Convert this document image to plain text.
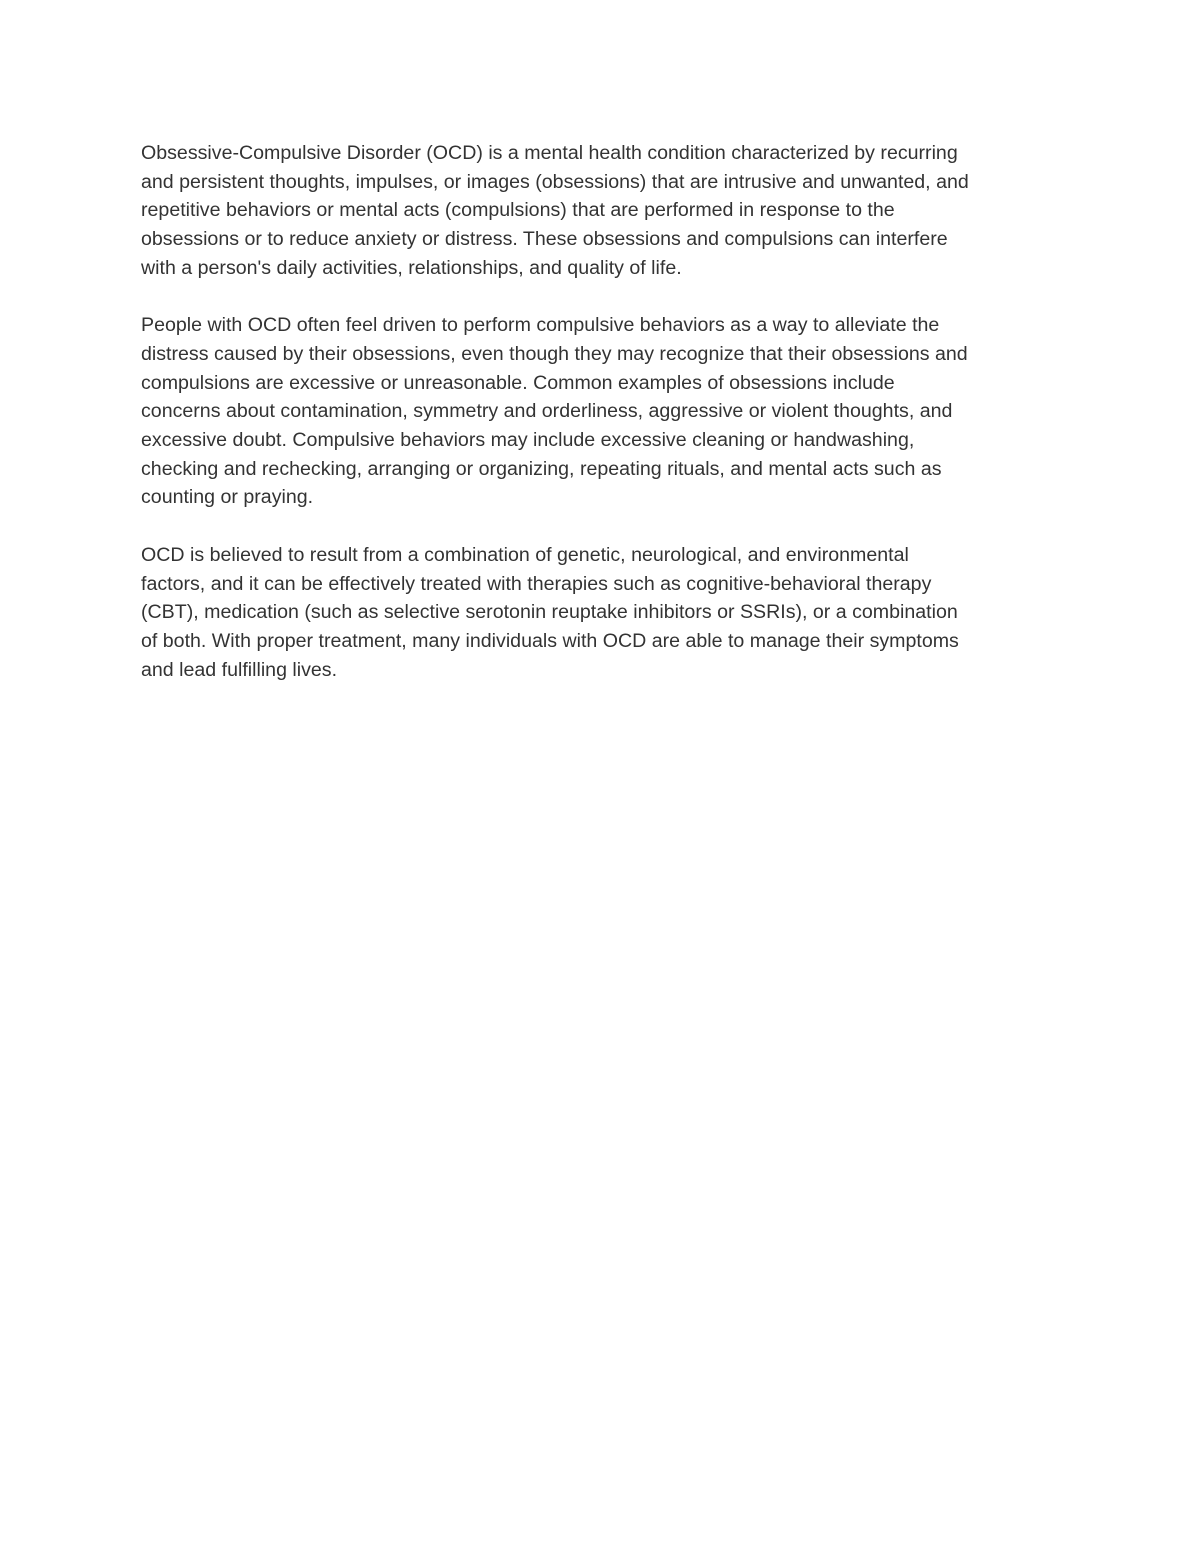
Obsessive-Compulsive Disorder (OCD) is a mental health condition characterized by recurring
and persistent thoughts, impulses, or images (obsessions) that are intrusive and unwanted, and
repetitive behaviors or mental acts (compulsions) that are performed in response to the
obsessions or to reduce anxiety or distress. These obsessions and compulsions can interfere
with a person's daily activities, relationships, and quality of life.

People with OCD often feel driven to perform compulsive behaviors as a way to alleviate the
distress caused by their obsessions, even though they may recognize that their obsessions and
compulsions are excessive or unreasonable. Common examples of obsessions include
concerns about contamination, symmetry and orderliness, aggressive or violent thoughts, and
excessive doubt. Compulsive behaviors may include excessive cleaning or handwashing,
checking and rechecking, arranging or organizing, repeating rituals, and mental acts such as
counting or praying.

OCD is believed to result from a combination of genetic, neurological, and environmental
factors, and it can be effectively treated with therapies such as cognitive-behavioral therapy
(CBT), medication (such as selective serotonin reuptake inhibitors or SSRIs), or a combination
of both. With proper treatment, many individuals with OCD are able to manage their symptoms
and lead fulfilling lives.
